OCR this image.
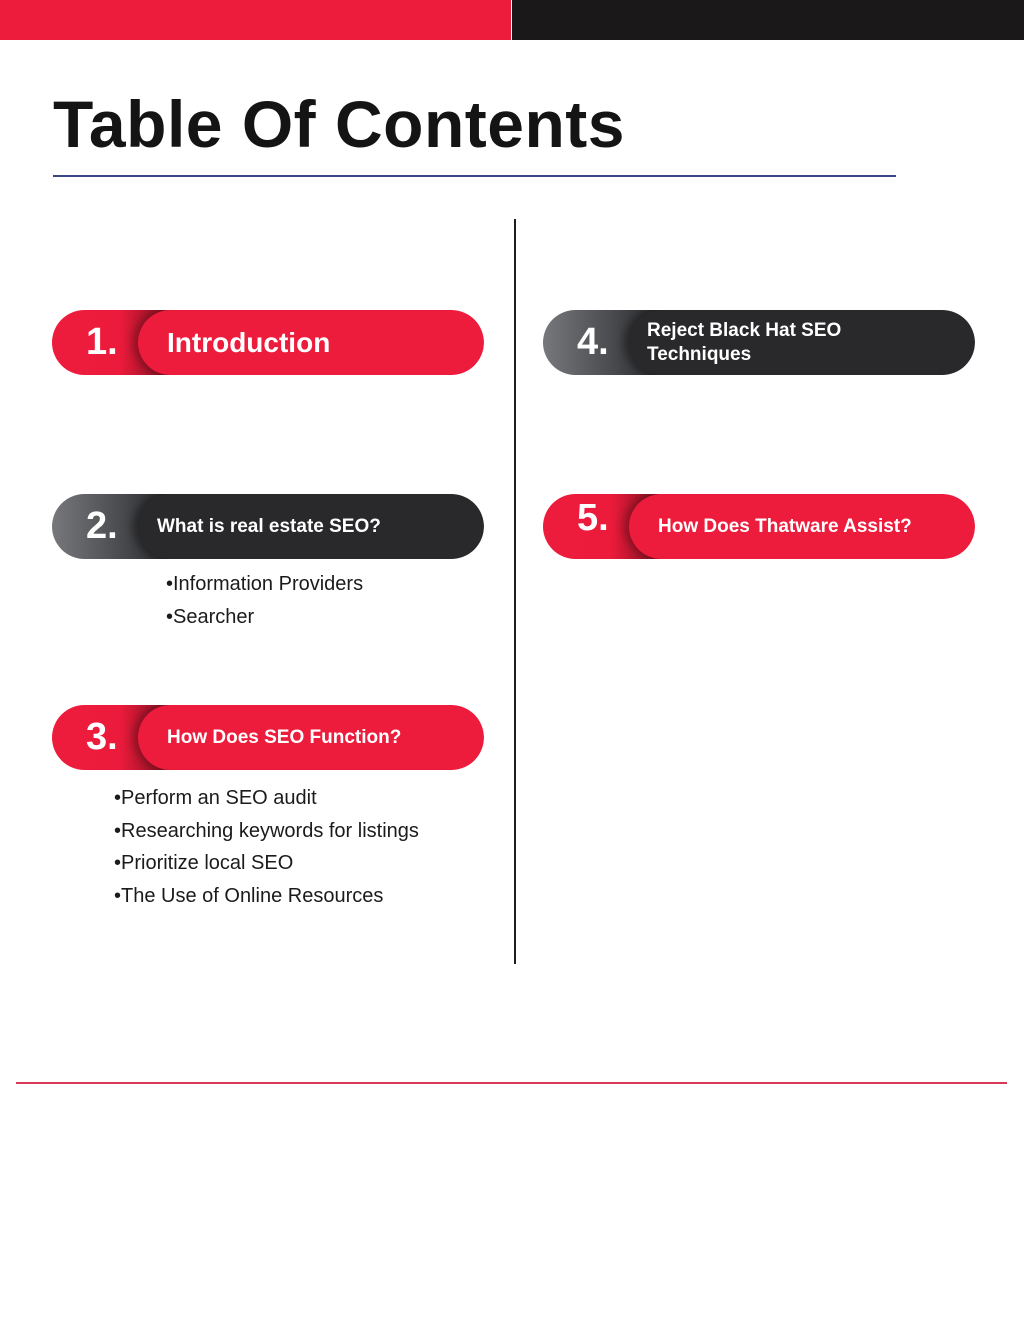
Table Of Contents
1. Introduction
2. What is real estate SEO?
•Information Providers
•Searcher
3.	How Does SEO Function?
•Perform an SEO audit
•Researching keywords for listings
•Prioritize local SEO
•The Use of Online Resources
4. Reject Black Hat SEO
Techniques
5.	How Does Thatware Assist?
